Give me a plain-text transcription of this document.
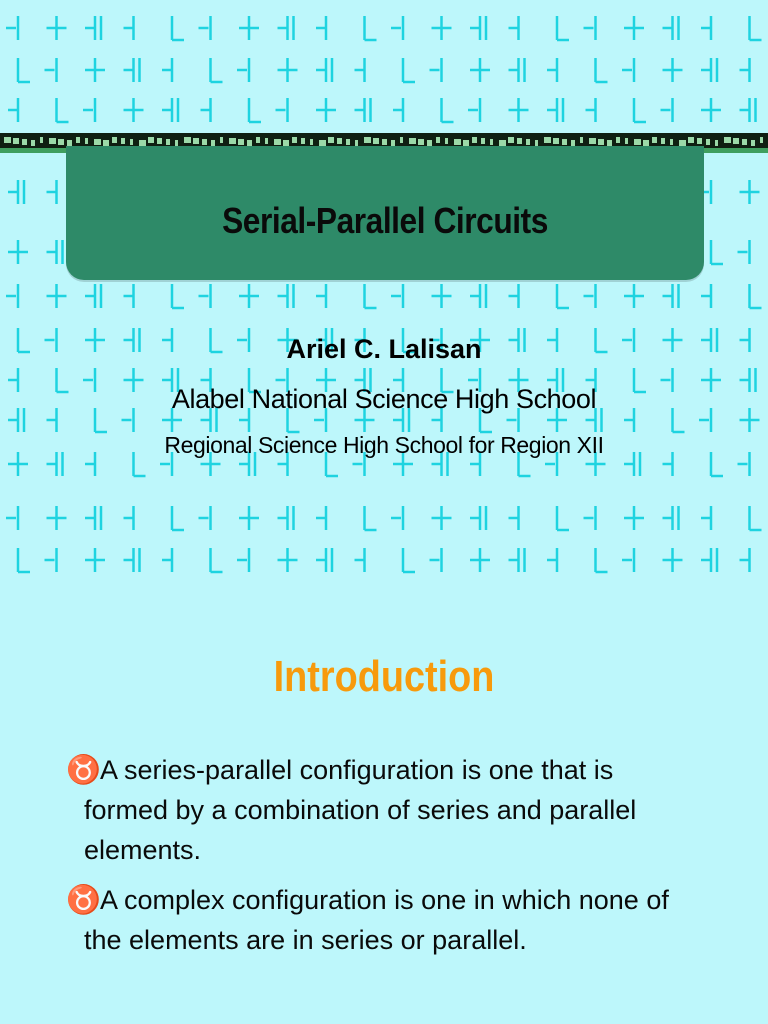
Serial-Parallel Circuits
Ariel C. Lalisan
Alabel National Science High School
Regional Science High School for Region XII
Introduction
♉A series-parallel configuration is one that is
formed by a combination of series and parallel
elements.
♉A complex configuration is one in which none of
the elements are in series or parallel.
